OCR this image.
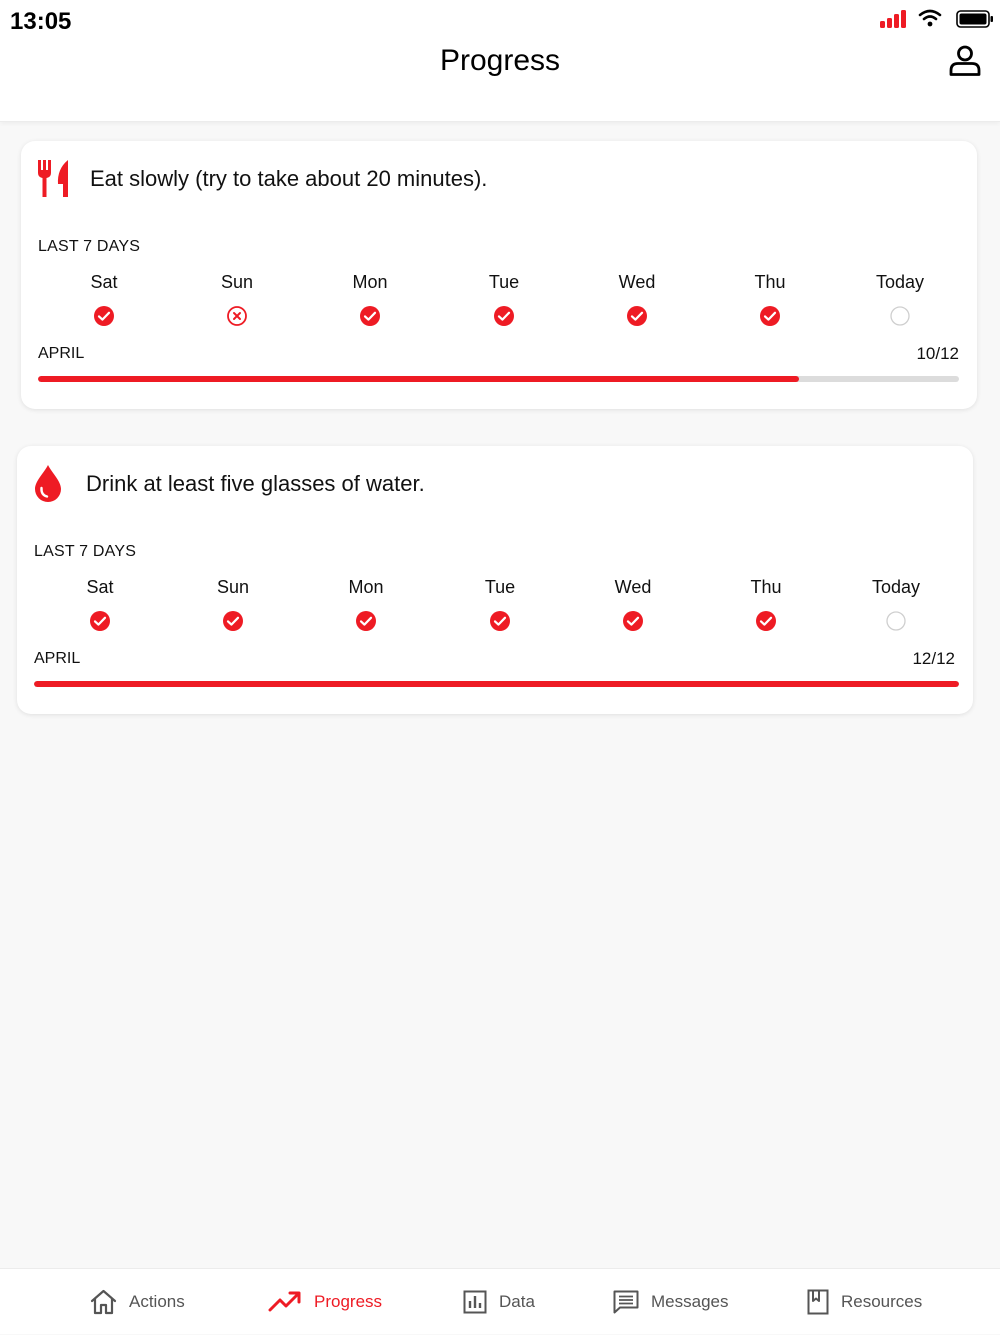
13:05
Progress
Eat slowly (try to take about 20 minutes).
LAST 7 DAYS
Sat	Sun	Mon	Tue	Wed	Thu	Today
APRIL	10/12
Drink at least five glasses of water.
LAST 7 DAYS
Sat	Sun	Mon	Tue	Wed	Thu	Today
APRIL	12/12
Actions	Progress	Data	Messages	Resources
